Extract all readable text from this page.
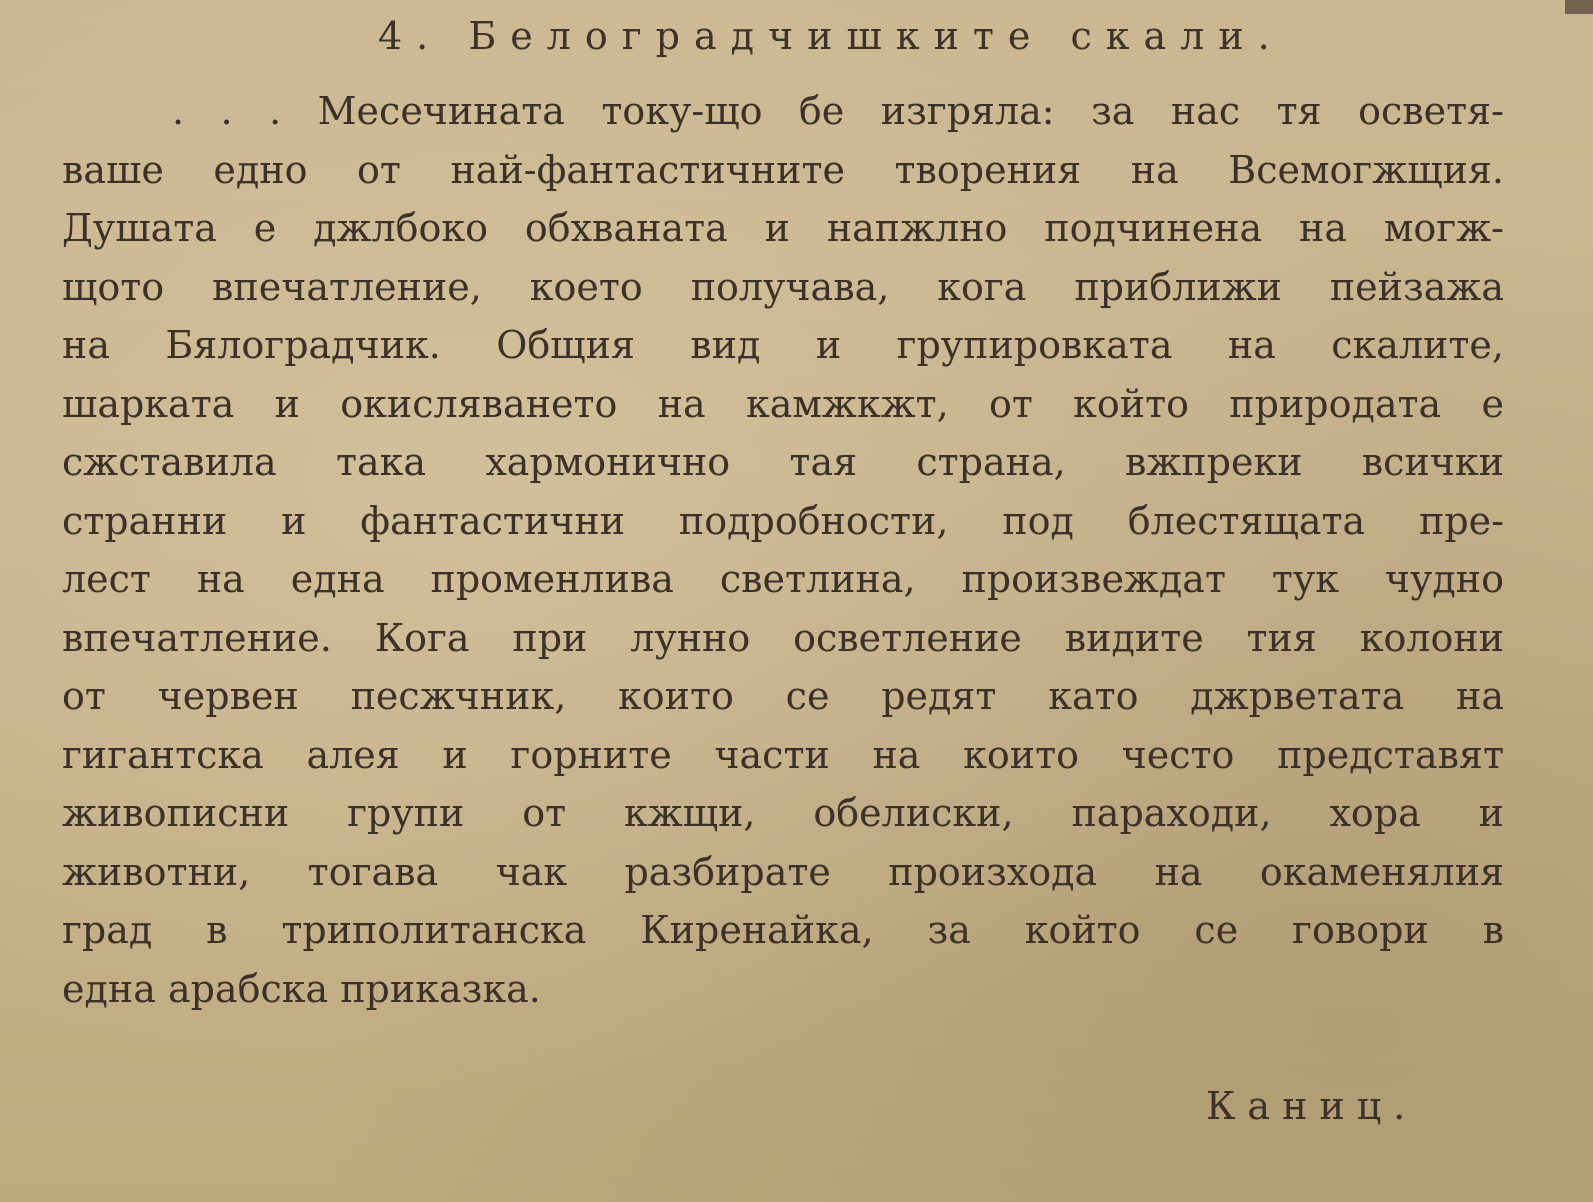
4. Белоградчишките скали.
. . . Месечината току-що бе изгряла: за нас тя осветя-
ваше едно от най-фантастичните творения на Всемогжщия.
Душата е джлбоко обхваната и напжлно подчинена на могж-
щото впечатление, което получава, кога приближи пейзажа
на Бялоградчик. Общия вид и групировката на скалите,
шарката и окисляването на камжкжт, от който природата е
сжставила така хармонично тая страна, вжпреки всички
странни и фантастични подробности, под блестящата пре-
лест на една променлива светлина, произвеждат тук чудно
впечатление. Кога при лунно осветление видите тия колони
от червен песжчник, които се редят като джрветата на
гигантска алея и горните части на които често представят
живописни групи от кжщи, обелиски, параходи, хора и
животни, тогава чак разбирате произхода на окаменялия
град в триполитанска Киренайка, за който се говори в
една арабска приказка.
Каниц.
